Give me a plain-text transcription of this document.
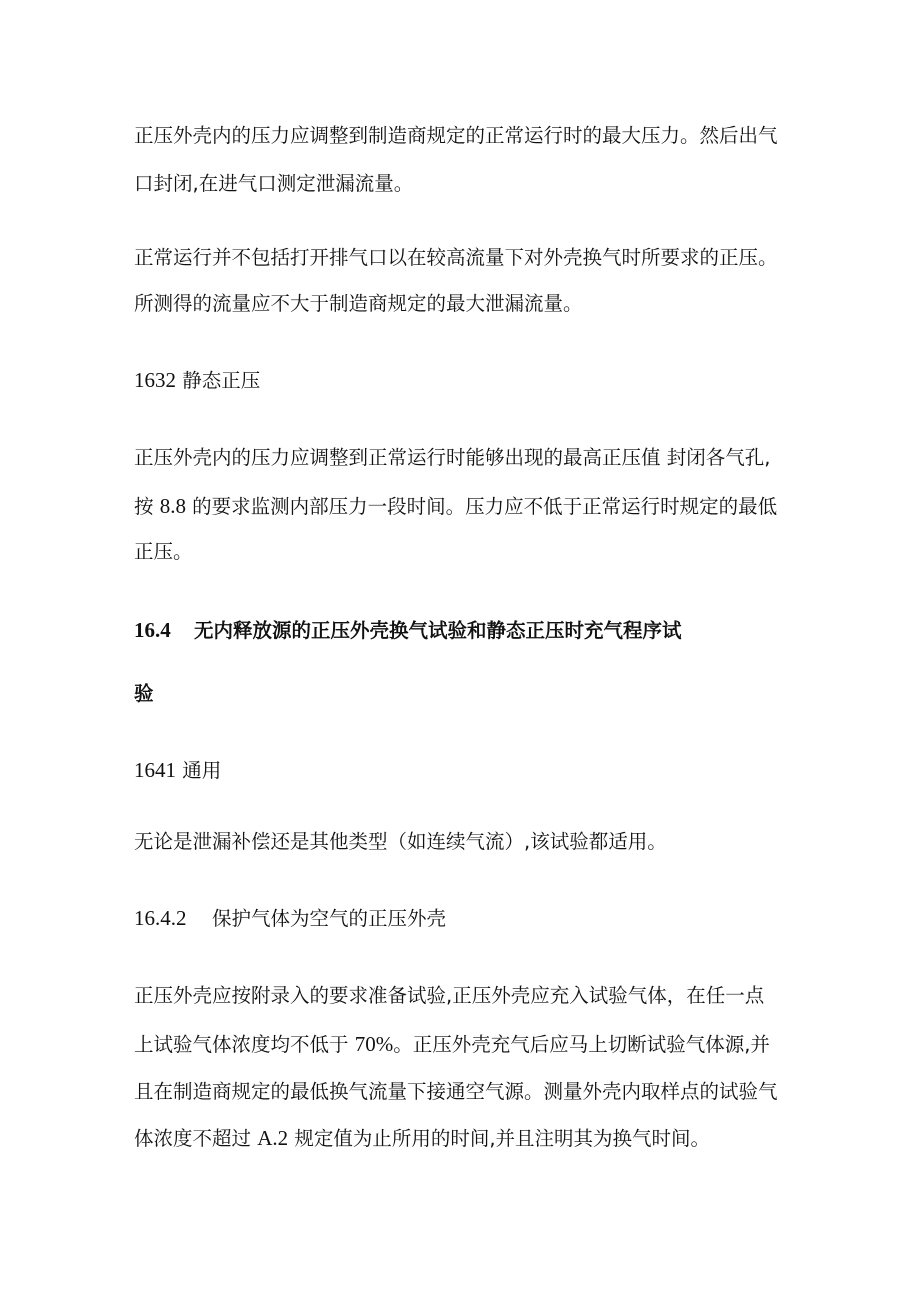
正压外壳内的压力应调整到制造商规定的正常运行时的最大压力。然后出气
口封闭,在进气口测定泄漏流量。
正常运行并不包括打开排气口以在较高流量下对外壳换气时所要求的正压。
所测得的流量应不大于制造商规定的最大泄漏流量。
1632 静态正压
正压外壳内的压力应调整到正常运行时能够出现的最高正压值 封闭各气孔,
按 8.8 的要求监测内部压力一段时间。压力应不低于正常运行时规定的最低
正压。
16.4 无内释放源的正压外壳换气试验和静态正压时充气程序试
验
1641 通用
无论是泄漏补偿还是其他类型（如连续气流）,该试验都适用。
16.4.2 保护气体为空气的正压外壳
正压外壳应按附录入的要求准备试验,正压外壳应充入试验气体，在任一点
上试验气体浓度均不低于 70%。正压外壳充气后应马上切断试验气体源,并
且在制造商规定的最低换气流量下接通空气源。测量外壳内取样点的试验气
体浓度不超过 A.2 规定值为止所用的时间,并且注明其为换气时间。
